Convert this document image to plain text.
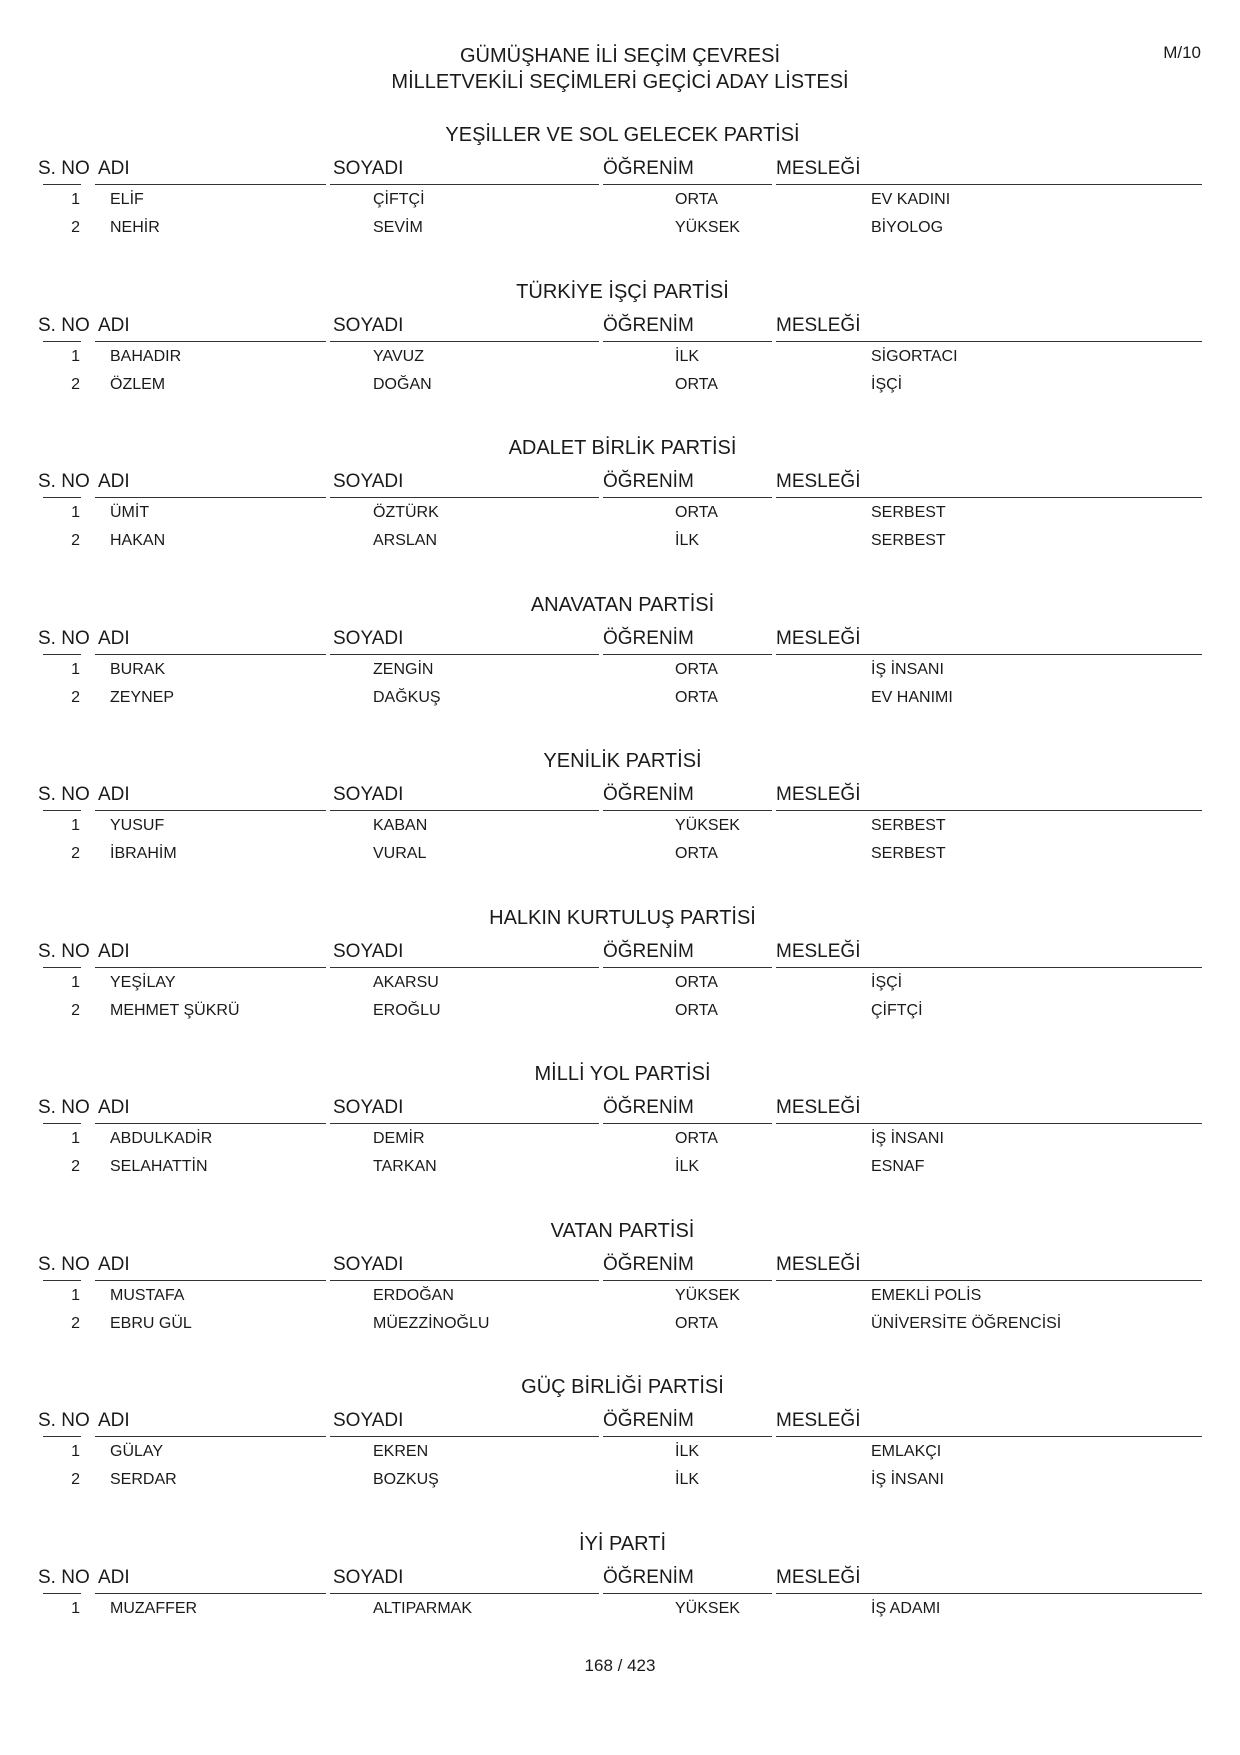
M/10
GÜMÜŞHANE İLİ SEÇİM ÇEVRESİ
MİLLETVEKİLİ SEÇİMLERİ GEÇİCİ ADAY LİSTESİ
YEŞİLLER VE SOL GELECEK PARTİSİ
S. NO ADI	SOYADI	ÖĞRENİM	MESLEĞİ
1 ELİF	ÇİFTÇİ	ORTA	EV KADINI
2 NEHİR	SEVİM	YÜKSEK	BİYOLOG
TÜRKİYE İŞÇİ PARTİSİ
S. NO ADI	SOYADI	ÖĞRENİM	MESLEĞİ
1 BAHADIR	YAVUZ	İLK	SİGORTACI
2 ÖZLEM	DOĞAN	ORTA	İŞÇİ
ADALET BİRLİK PARTİSİ
S. NO ADI	SOYADI	ÖĞRENİM	MESLEĞİ
1 ÜMİT	ÖZTÜRK	ORTA	SERBEST
2 HAKAN	ARSLAN	İLK	SERBEST
ANAVATAN PARTİSİ
S. NO ADI	SOYADI	ÖĞRENİM	MESLEĞİ
1 BURAK	ZENGİN	ORTA	İŞ İNSANI
2 ZEYNEP	DAĞKUŞ	ORTA	EV HANIMI
YENİLİK PARTİSİ
S. NO ADI	SOYADI	ÖĞRENİM	MESLEĞİ
1 YUSUF	KABAN	YÜKSEK	SERBEST
2 İBRAHİM	VURAL	ORTA	SERBEST
HALKIN KURTULUŞ PARTİSİ
S. NO ADI	SOYADI	ÖĞRENİM	MESLEĞİ
1 YEŞİLAY	AKARSU	ORTA	İŞÇİ
2 MEHMET ŞÜKRÜ	EROĞLU	ORTA	ÇİFTÇİ
MİLLİ YOL PARTİSİ
S. NO ADI	SOYADI	ÖĞRENİM	MESLEĞİ
1 ABDULKADİR	DEMİR	ORTA	İŞ İNSANI
2 SELAHATTİN	TARKAN	İLK	ESNAF
VATAN PARTİSİ
S. NO ADI	SOYADI	ÖĞRENİM	MESLEĞİ
1 MUSTAFA	ERDOĞAN	YÜKSEK	EMEKLİ POLİS
2 EBRU GÜL	MÜEZZİNOĞLU	ORTA	ÜNİVERSİTE ÖĞRENCİSİ
GÜÇ BİRLİĞİ PARTİSİ
S. NO ADI	SOYADI	ÖĞRENİM	MESLEĞİ
1 GÜLAY	EKREN	İLK	EMLAKÇI
2 SERDAR	BOZKUŞ	İLK	İŞ İNSANI
İYİ PARTİ
S. NO ADI	SOYADI	ÖĞRENİM	MESLEĞİ
1 MUZAFFER	ALTIPARMAK	YÜKSEK	İŞ ADAMI
168 / 423
